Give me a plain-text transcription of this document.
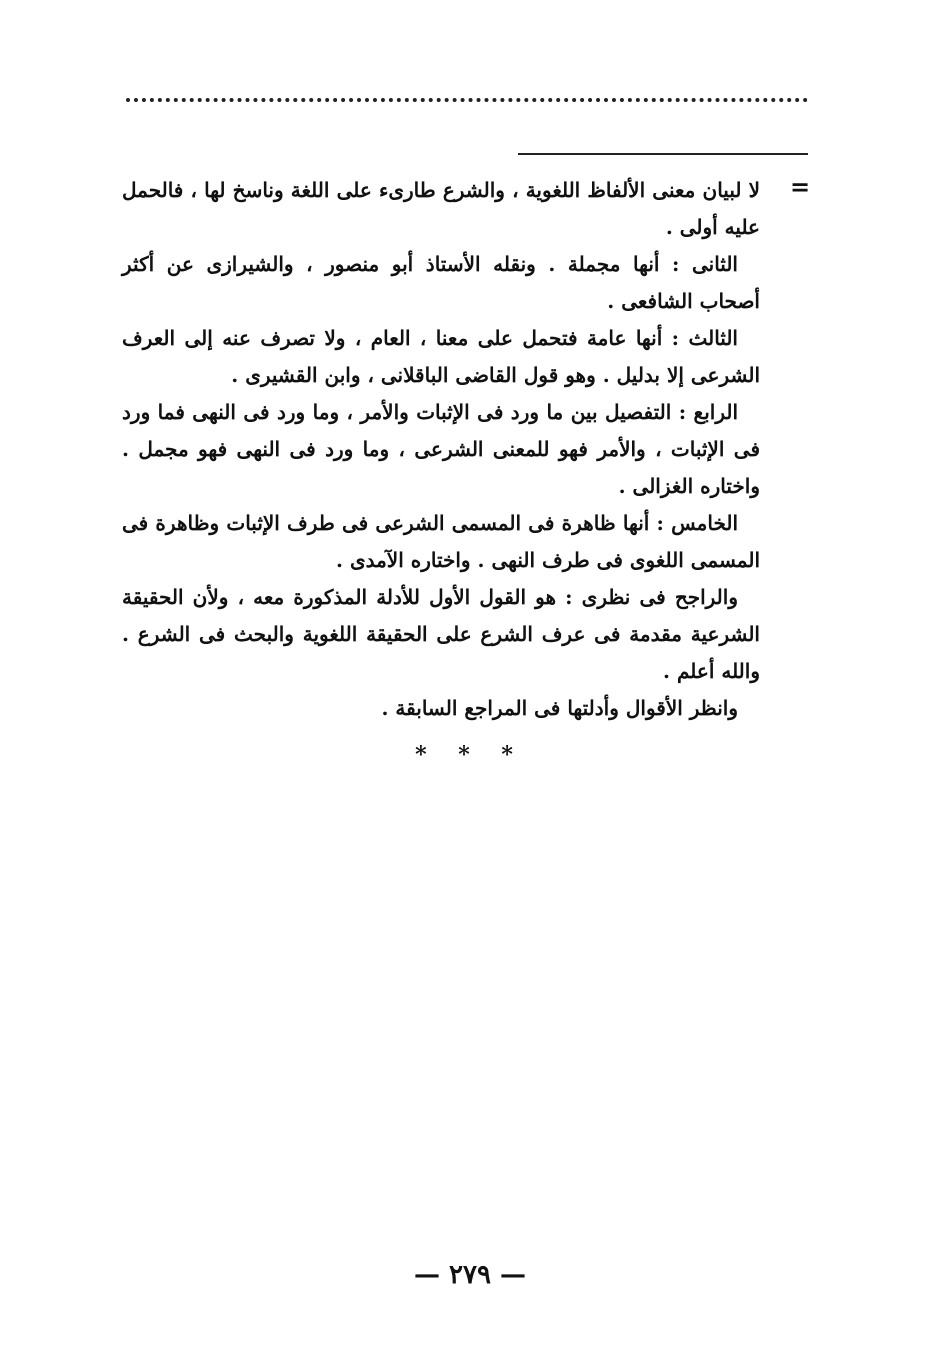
=

لا لبيان معنى الألفاظ اللغوية ، والشرع طارىء على اللغة وناسخ لها ، فالحمل عليه أولى .

الثانى : أنها مجملة . ونقله الأستاذ أبو منصور ، والشيرازى عن أكثر أصحاب الشافعى .

الثالث : أنها عامة فتحمل على معنا ، العام ، ولا تصرف عنه إلى العرف الشرعى إلا بدليل . وهو قول القاضى الباقلانى ، وابن القشيرى .

الرابع : التفصيل بين ما ورد فى الإثبات والأمر ، وما ورد فى النهى فما ورد فى الإثبات ، والأمر فهو للمعنى الشرعى ، وما ورد فى النهى فهو مجمل . واختاره الغزالى .

الخامس : أنها ظاهرة فى المسمى الشرعى فى طرف الإثبات وظاهرة فى المسمى اللغوى فى طرف النهى . واختاره الآمدى .

والراجح فى نظرى : هو القول الأول للأدلة المذكورة معه ، ولأن الحقيقة الشرعية مقدمة فى عرف الشرع على الحقيقة اللغوية والبحث فى الشرع . والله أعلم .

وانظر الأقوال وأدلتها فى المراجع السابقة .

* * *
— ٢٧٩ —
